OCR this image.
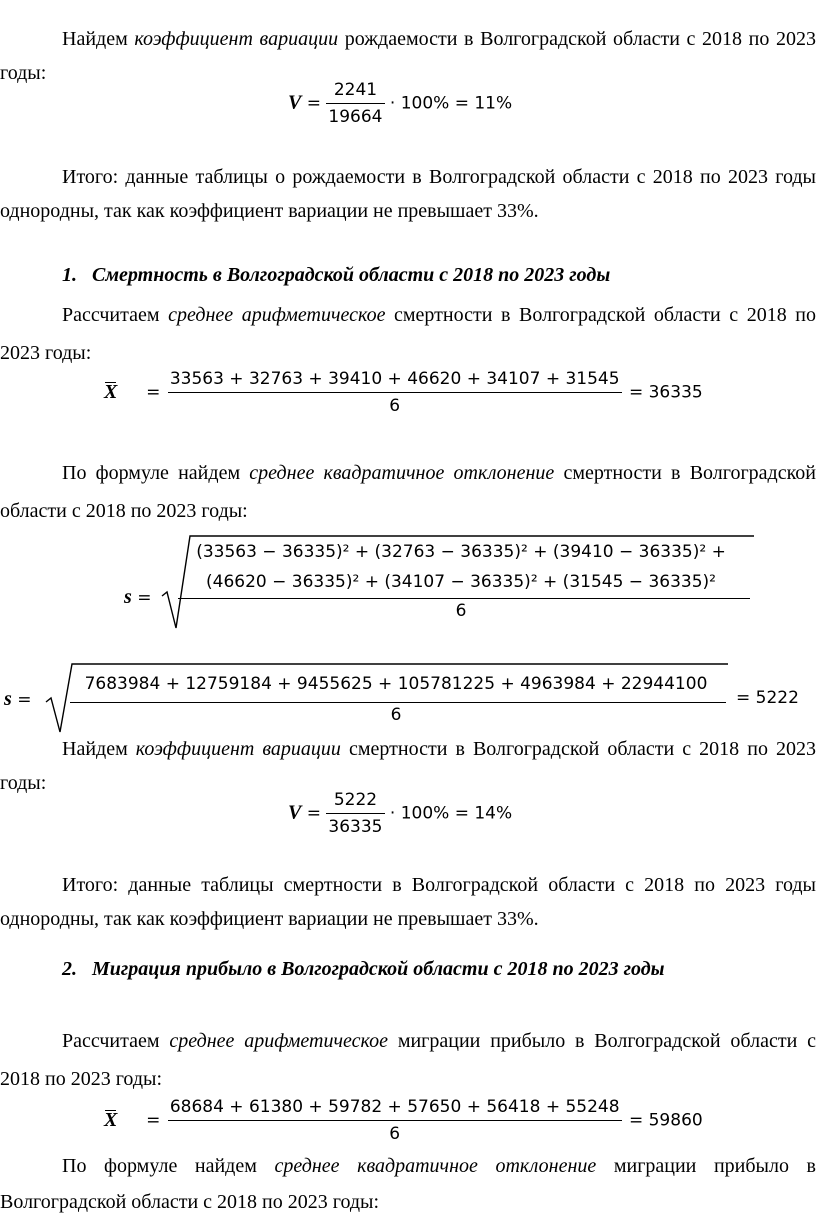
Найдем коэффициент вариации рождаемости в Волгоградской области с 2018 по 2023 годы:

$V = \frac{2241}{19664} \cdot 100\% = 11\%$

Итого: данные таблицы о рождаемости в Волгоградской области с 2018 по 2023 годы однородны, так как коэффициент вариации не превышает 33%.

1. Смертность в Волгоградской области с 2018 по 2023 годы

Рассчитаем среднее арифметическое смертности в Волгоградской области с 2018 по 2023 годы:

$X = \frac{33563 + 32763 + 39410 + 46620 + 34107 + 31545}{6} = 36335$

По формуле найдем среднее квадратичное отклонение смертности в Волгоградской области с 2018 по 2023 годы:

s =
(33563 − 36335)² + (32763 − 36335)² + (39410 − 36335)² +
(46620 − 36335)² + (34107 − 36335)² + (31545 − 36335)²
6
s =
7683984 + 12759184 + 9455625 + 105781225 + 4963984 + 22944100
6
= 5222

Найдем коэффициент вариации смертности в Волгоградской области с 2018 по 2023 годы:

$V = \frac{5222}{36335} \cdot 100\% = 14\%$

Итого: данные таблицы смертности в Волгоградской области с 2018 по 2023 годы однородны, так как коэффициент вариации не превышает 33%.

2. Миграция прибыло в Волгоградской области с 2018 по 2023 годы

Рассчитаем среднее арифметическое миграции прибыло в Волгоградской области с 2018 по 2023 годы:

$X = \frac{68684 + 61380 + 59782 + 57650 + 56418 + 55248}{6} = 59860$

По формуле найдем среднее квадратичное отклонение миграции прибыло в Волгоградской области с 2018 по 2023 годы:
